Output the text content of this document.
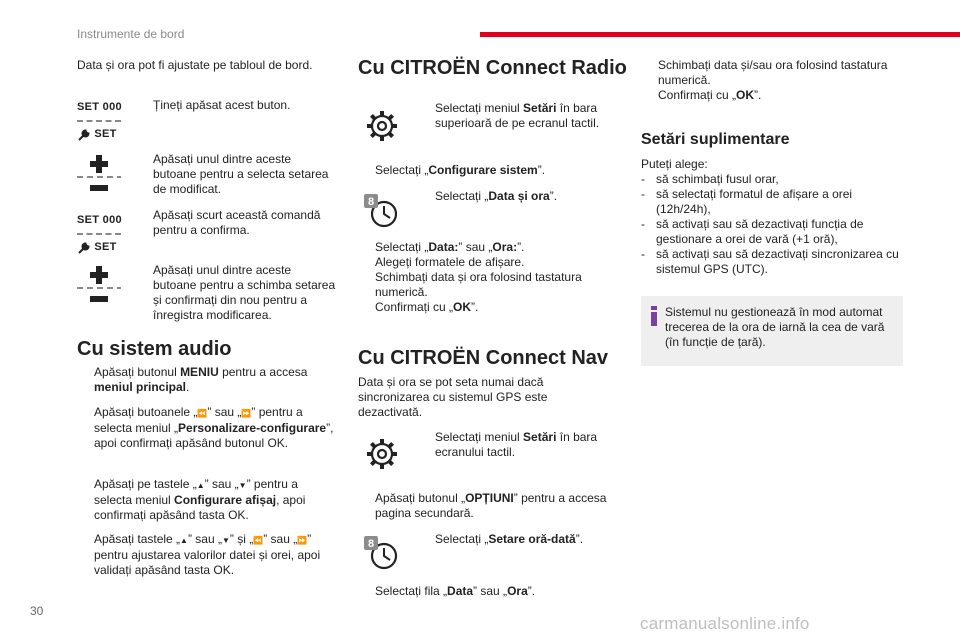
Instrumente de bord
Data și ora pot fi ajustate pe tabloul de bord.
SET
000

SET
Țineți apăsat acest buton.
Apăsați unul dintre aceste butoane pentru a selecta setarea de modificat.
SET
000

SET
Apăsați scurt această comandă pentru a confirma.
Apăsați unul dintre aceste butoane pentru a schimba setarea și confirmați din nou pentru a înregistra modificarea.
Cu sistem audio
Apăsați butonul MENIU pentru a accesa meniul principal.
Apăsați butoanele „⏪” sau „⏩” pentru a selecta meniul „Personalizare-configurare”, apoi confirmați apăsând butonul OK.
Apăsați pe tastele „▲” sau „▼” pentru a selecta meniul Configurare afișaj, apoi confirmați apăsând tasta OK.
Apăsați tastele „▲” sau „▼” și „⏪” sau „⏩” pentru ajustarea valorilor datei și orei, apoi validați apăsând tasta OK.
Cu CITROËN Connect Radio
Selectați meniul Setări în bara superioară de pe ecranul tactil.
Selectați „Configurare sistem”.
8	Selectați „Data și ora”.
Selectați „Data:” sau „Ora:”.
Alegeți formatele de afișare.
Schimbați data și ora folosind tastatura numerică.
Confirmați cu „OK”.
Cu CITROËN Connect Nav
Data și ora se pot seta numai dacă sincronizarea cu sistemul GPS este dezactivată.
Selectați meniul Setări în bara ecranului tactil.
Apăsați butonul „OPȚIUNI” pentru a accesa pagina secundară.
8	Selectați „Setare oră-dată”.
Selectați fila „Data” sau „Ora”.
Schimbați data și/sau ora folosind tastatura numerică.
Confirmați cu „OK”.
Setări suplimentare
Puteți alege:
- să schimbați fusul orar,
- să selectați formatul de afișare a orei (12h/24h),
- să activați sau să dezactivați funcția de gestionare a orei de vară (+1 oră),
- să activați sau să dezactivați sincronizarea cu sistemul GPS (UTC).
Sistemul nu gestionează în mod automat trecerea de la ora de iarnă la cea de vară (în funcție de țară).
30
carmanualsonline.info
